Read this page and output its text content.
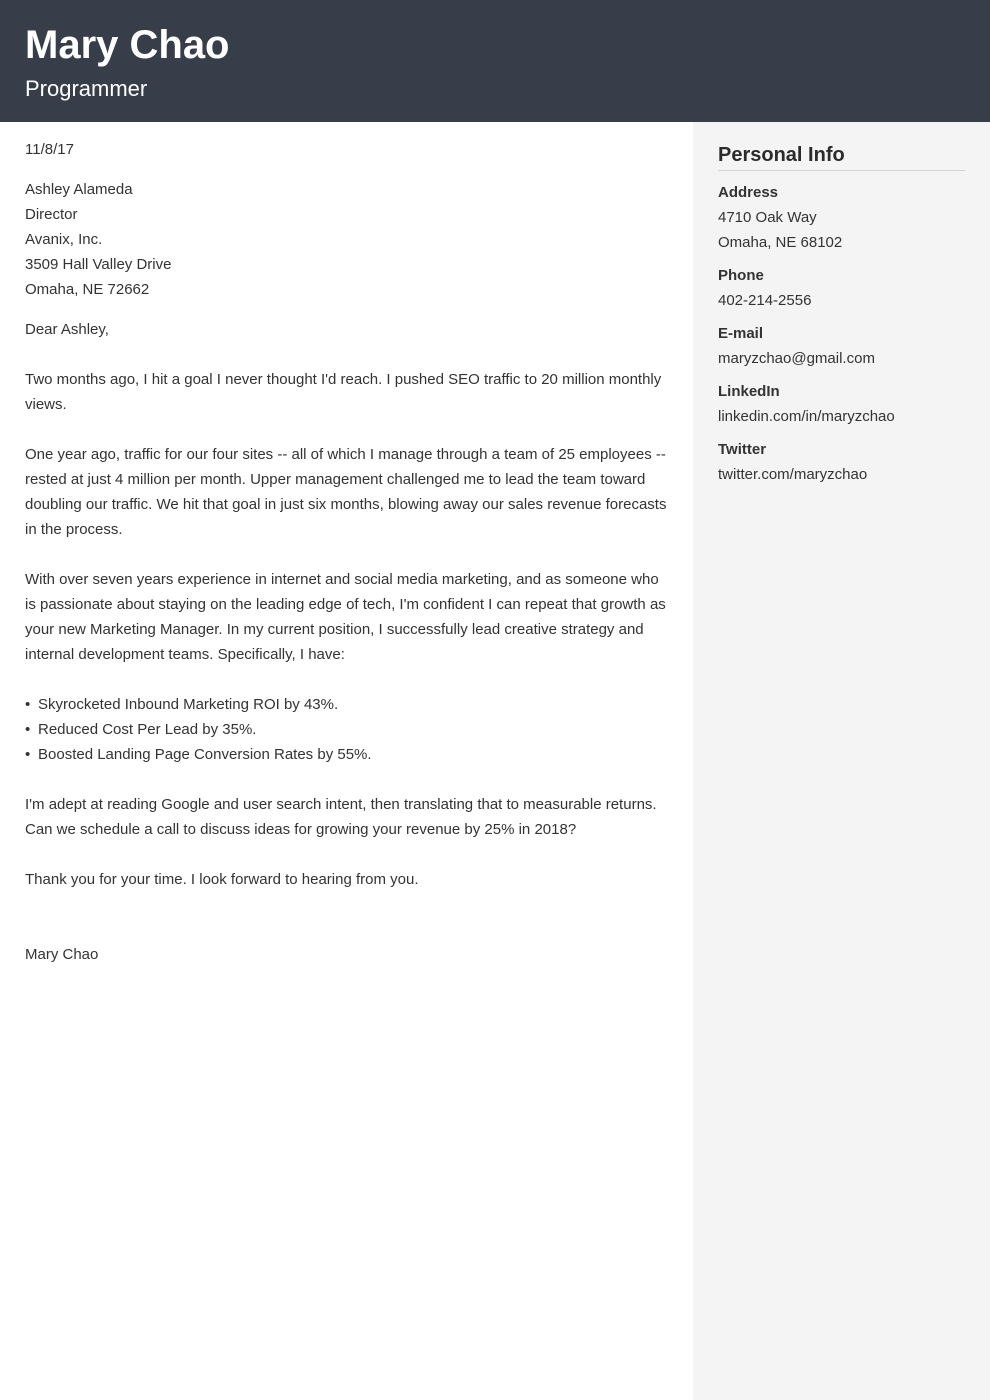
Mary Chao
Programmer
11/8/17
Ashley Alameda
Director
Avanix, Inc.
3509 Hall Valley Drive
Omaha, NE 72662
Dear Ashley,
Two months ago, I hit a goal I never thought I'd reach. I pushed SEO traffic to 20 million monthly views.
One year ago, traffic for our four sites -- all of which I manage through a team of 25 employees -- rested at just 4 million per month. Upper management challenged me to lead the team toward doubling our traffic. We hit that goal in just six months, blowing away our sales revenue forecasts in the process.
With over seven years experience in internet and social media marketing, and as someone who is passionate about staying on the leading edge of tech, I'm confident I can repeat that growth as your new Marketing Manager. In my current position, I successfully lead creative strategy and internal development teams. Specifically, I have:
• Skyrocketed Inbound Marketing ROI by 43%.
• Reduced Cost Per Lead by 35%.
• Boosted Landing Page Conversion Rates by 55%.
I'm adept at reading Google and user search intent, then translating that to measurable returns. Can we schedule a call to discuss ideas for growing your revenue by 25% in 2018?
Thank you for your time. I look forward to hearing from you.
Mary Chao
Personal Info
Address
4710 Oak Way
Omaha, NE 68102
Phone
402-214-2556
E-mail
maryzchao@gmail.com
LinkedIn
linkedin.com/in/maryzchao
Twitter
twitter.com/maryzchao
